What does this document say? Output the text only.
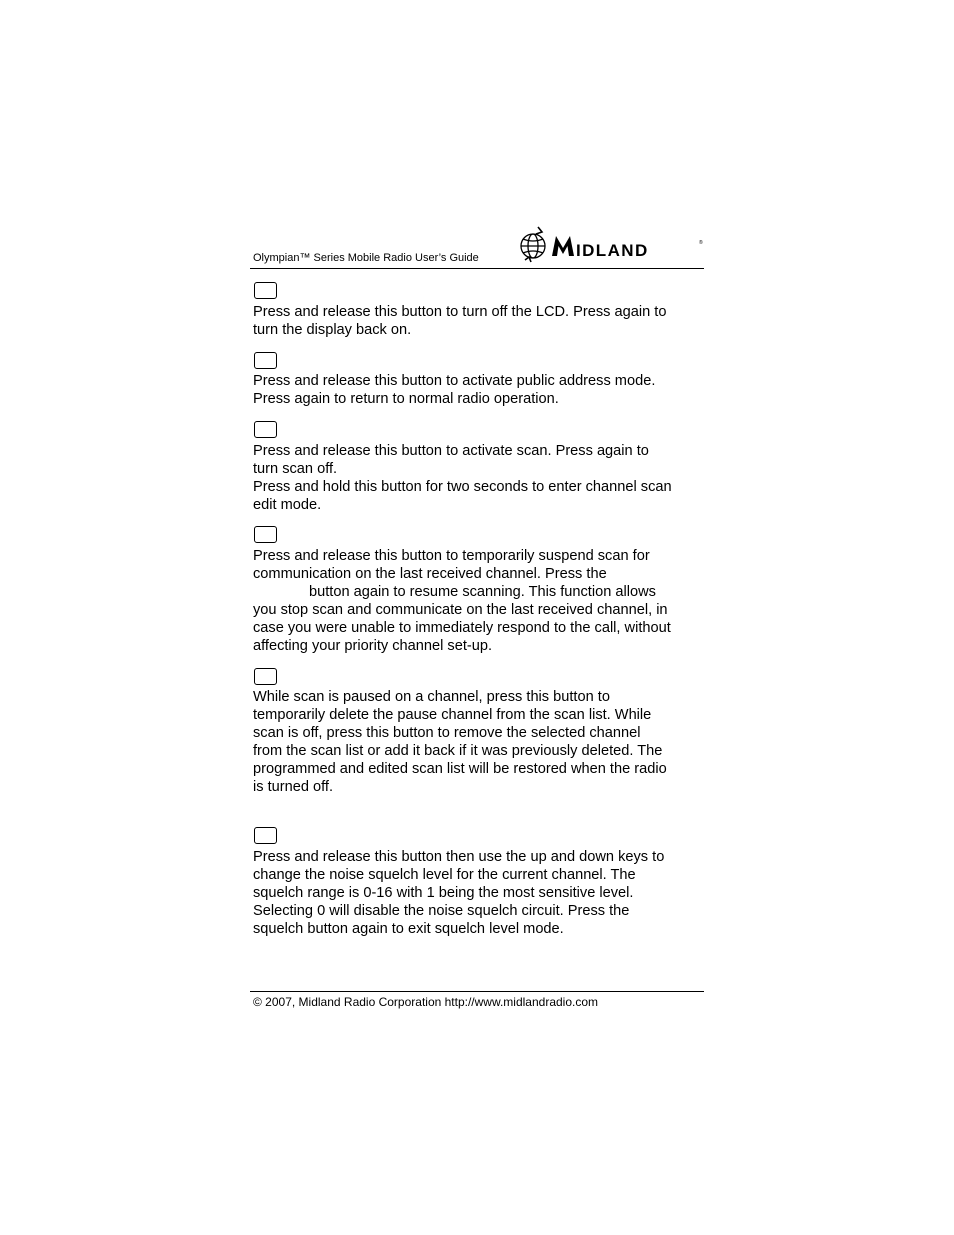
Olympian™ Series Mobile Radio User’s Guide	IDLAND	®

Press and release this button to turn off the LCD. Press again to
turn the display back on.

Press and release this button to activate public address mode.
Press again to return to normal radio operation.

Press and release this button to activate scan. Press again to
turn scan off.
Press and hold this button for two seconds to enter channel scan
edit mode.

Press and release this button to temporarily suspend scan for
communication on the last received channel. Press the
button again to resume scanning. This function allows
you stop scan and communicate on the last received channel, in
case you were unable to immediately respond to the call, without
affecting your priority channel set-up.

While scan is paused on a channel, press this button to
temporarily delete the pause channel from the scan list. While
scan is off, press this button to remove the selected channel
from the scan list or add it back if it was previously deleted. The
programmed and edited scan list will be restored when the radio
is turned off.

Press and release this button then use the up and down keys to
change the noise squelch level for the current channel. The
squelch range is 0-16 with 1 being the most sensitive level.
Selecting 0 will disable the noise squelch circuit. Press the
squelch button again to exit squelch level mode.

© 2007, Midland Radio Corporation http://www.midlandradio.com
